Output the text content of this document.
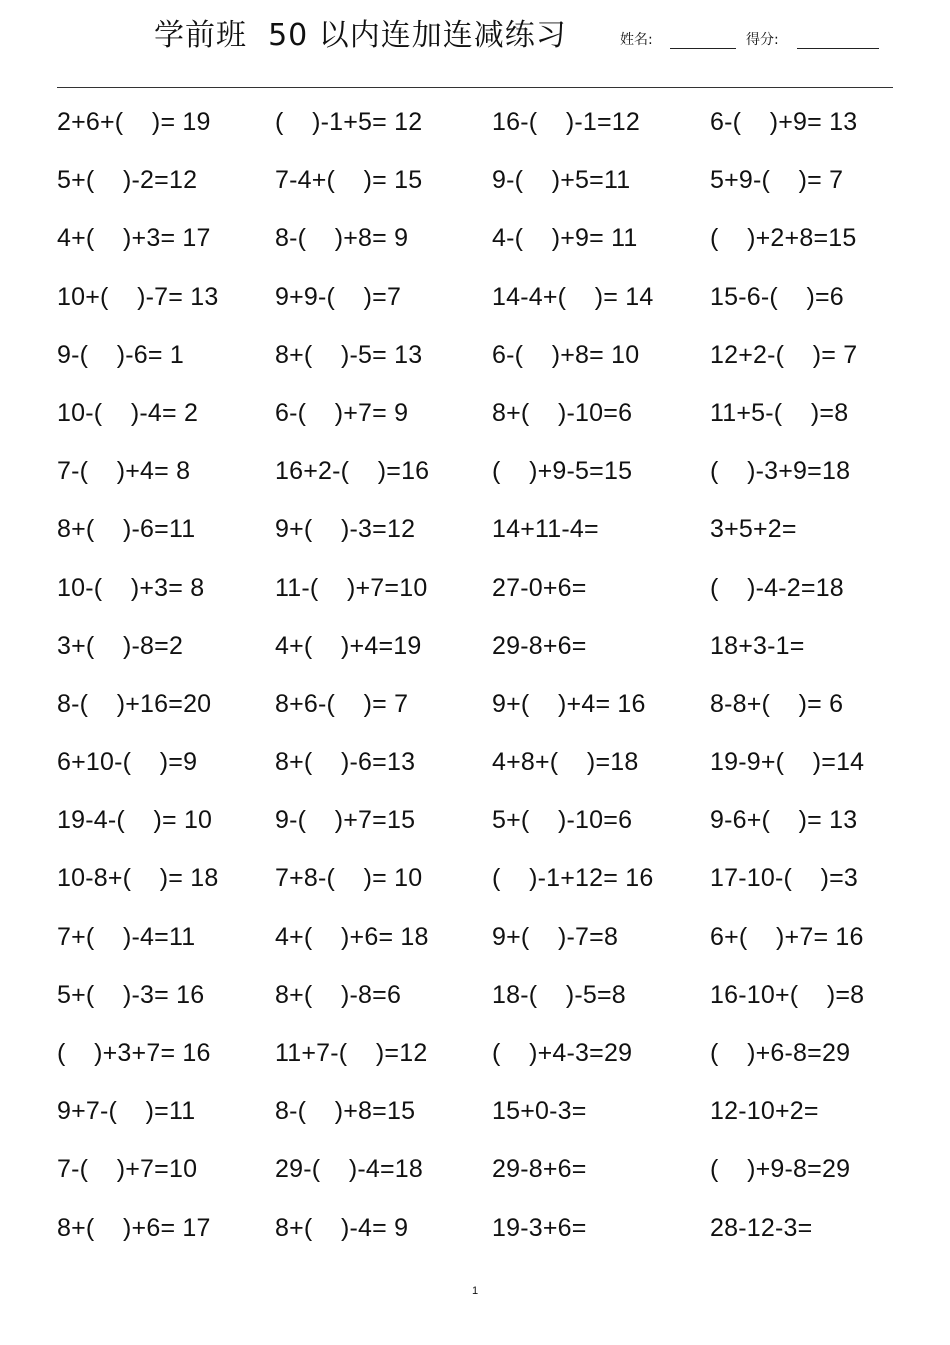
学前班  50 以内连加连减练习	姓名:	得分:
2+6+(    )= 19	(    )-1+5= 12	16-(    )-1=12	6-(    )+9= 13
5+(    )-2=12	7-4+(    )= 15	9-(    )+5=11	5+9-(    )= 7
4+(    )+3= 17	8-(    )+8= 9	4-(    )+9= 11	(    )+2+8=15
10+(    )-7= 13	9+9-(    )=7	14-4+(    )= 14	15-6-(    )=6
9-(    )-6= 1	8+(    )-5= 13	6-(    )+8= 10	12+2-(    )= 7
10-(    )-4= 2	6-(    )+7= 9	8+(    )-10=6	11+5-(    )=8
7-(    )+4= 8	16+2-(    )=16	(    )+9-5=15	(    )-3+9=18
8+(    )-6=11	9+(    )-3=12	14+11-4=	3+5+2=
10-(    )+3= 8	11-(    )+7=10	27-0+6=	(    )-4-2=18
3+(    )-8=2	4+(    )+4=19	29-8+6=	18+3-1=
8-(    )+16=20	8+6-(    )= 7	9+(    )+4= 16	8-8+(    )= 6
6+10-(    )=9	8+(    )-6=13	4+8+(    )=18	19-9+(    )=14
19-4-(    )= 10	9-(    )+7=15	5+(    )-10=6	9-6+(    )= 13
10-8+(    )= 18	7+8-(    )= 10	(    )-1+12= 16	17-10-(    )=3
7+(    )-4=11	4+(    )+6= 18	9+(    )-7=8	6+(    )+7= 16
5+(    )-3= 16	8+(    )-8=6	18-(    )-5=8	16-10+(    )=8
(    )+3+7= 16	11+7-(    )=12	(    )+4-3=29	(    )+6-8=29
9+7-(    )=11	8-(    )+8=15	15+0-3=	12-10+2=
7-(    )+7=10	29-(    )-4=18	29-8+6=	(    )+9-8=29
8+(    )+6= 17	8+(    )-4= 9	19-3+6=	28-12-3=
1
